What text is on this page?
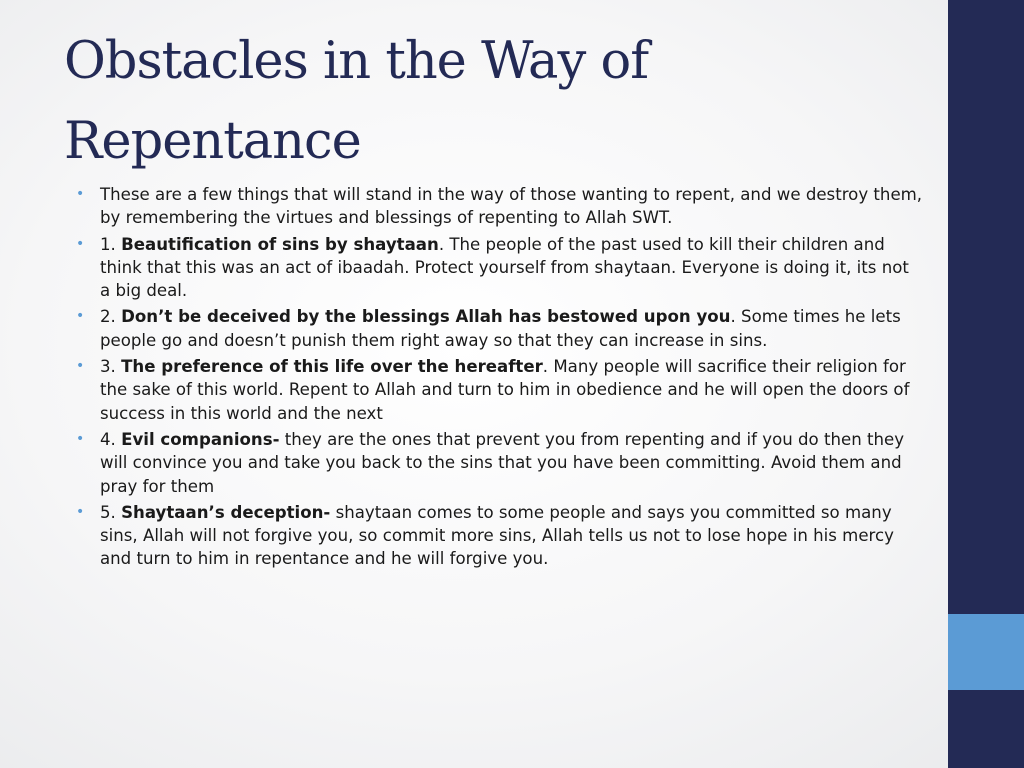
Obstacles in the Way of Repentance
• These are a few things that will stand in the way of those wanting to repent, and we destroy them, by remembering the virtues and blessings of repenting to Allah SWT.
• 1. Beautification of sins by shaytaan. The people of the past used to kill their children and think that this was an act of ibaadah. Protect yourself from shaytaan. Everyone is doing it, its not a big deal.
• 2. Don’t be deceived by the blessings Allah has bestowed upon you. Some times he lets people go and doesn’t punish them right away so that they can increase in sins.
• 3. The preference of this life over the hereafter. Many people will sacrifice their religion for the sake of this world. Repent to Allah and turn to him in obedience and he will open the doors of success in this world and the next
• 4. Evil companions- they are the ones that prevent you from repenting and if you do then they will convince you and take you back to the sins that you have been committing. Avoid them and pray for them
• 5. Shaytaan’s deception- shaytaan comes to some people and says you committed so many sins, Allah will not forgive you, so commit more sins, Allah tells us not to lose hope in his mercy and turn to him in repentance and he will forgive you.
